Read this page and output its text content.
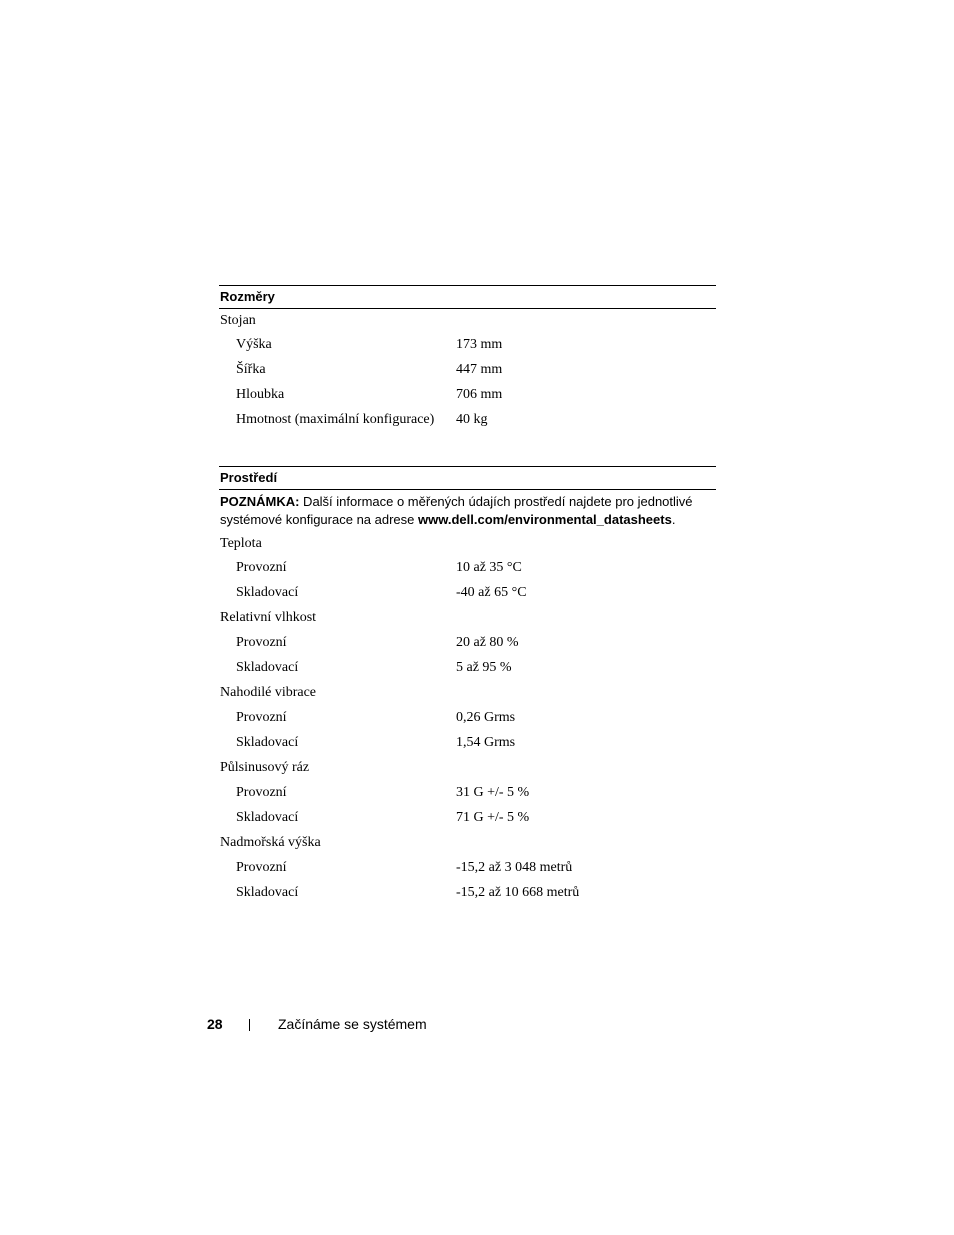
Rozměry
Stojan
Výška	173 mm
Šířka	447 mm
Hloubka	706 mm
Hmotnost (maximální konfigurace) 40 kg
Prostředí
POZNÁMKA: Další informace o měřených údajích prostředí najdete pro jednotlivé systémové konfigurace na adrese www.dell.com/environmental_datasheets.
Teplota
Provozní	10 až 35 °C
Skladovací	-40 až 65 °C
Relativní vlhkost
Provozní	20 až 80 %
Skladovací	5 až 95 %
Nahodilé vibrace
Provozní	0,26 Grms
Skladovací	1,54 Grms
Půlsinusový ráz
Provozní	31 G +/- 5 %
Skladovací	71 G +/- 5 %
Nadmořská výška
Provozní	-15,2 až 3 048 metrů
Skladovací	-15,2 až 10 668 metrů
28	Začínáme se systémem
